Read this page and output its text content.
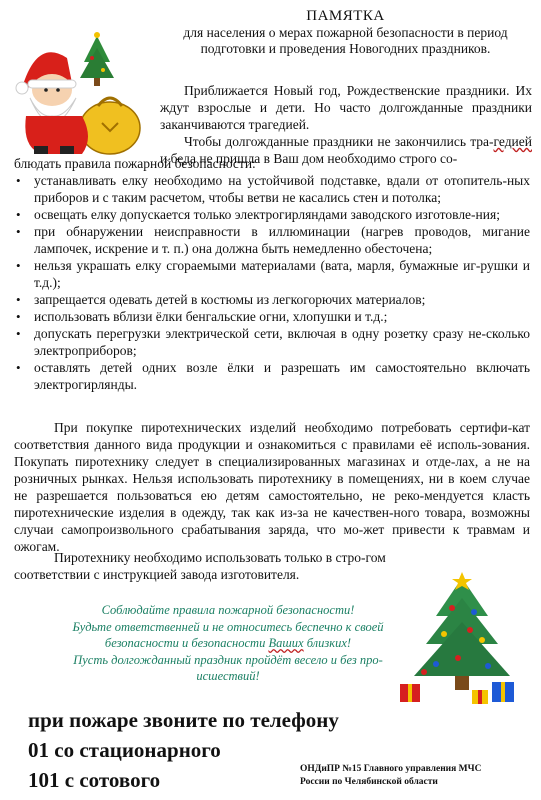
ПАМЯТКА
для населения о мерах пожарной безопасности в период
подготовки и проведения Новогодних праздников.

Приближается Новый год, Рождественские праздники. Их ждут взрослые и дети. Но часто долгожданные праздники заканчиваются трагедией.

Чтобы долгожданные праздники не закончились тра-гедией и беда не пришла в Ваш дом необходимо строго со-

блюдать правила пожарной безопасности:
• устанавливать елку необходимо на устойчивой подставке, вдали от отопитель-ных приборов и с таким расчетом, чтобы ветви не касались стен и потолка;
• освещать елку допускается только электрогирляндами заводского изготовле-ния;
• при обнаружении неисправности в иллюминации (нагрев проводов, мигание лампочек, искрение и т. п.) она должна быть немедленно обесточена;
• нельзя украшать елку сгораемыми материалами (вата, марля, бумажные иг-рушки и т.д.);
• запрещается одевать детей в костюмы из легкогорючих материалов;
• использовать вблизи ёлки бенгальские огни, хлопушки и т.д.;
• допускать перегрузки электрической сети, включая в одну розетку сразу не-сколько электроприборов;
• оставлять детей одних возле ёлки и разрешать им самостоятельно включать электрогирлянды.

При покупке пиротехнических изделий необходимо потребовать сертифи-кат соответствия данного вида продукции и ознакомиться с правилами её исполь-зования. Покупать пиротехнику следует в специализированных магазинах и отде-лах, а не на розничных рынках. Нельзя использовать пиротехнику в помещениях, ни в коем случае не разрешается пользоваться ею детям самостоятельно, не реко-мендуется класть пиротехнические изделия в одежду, так как из-за не качествен-ного товара, возможны случаи самопроизвольного срабатывания заряда, что мо-жет привести к травмам и ожогам.

Пиротехнику необходимо использовать только в стро-гом соответствии с инструкцией завода изготовителя.

Соблюдайте правила пожарной безопасности!
Будьте ответственней и не относитесь беспечно к своей
безопасности и безопасности Ваших близких!
Пусть долгожданный праздник пройдёт весело и без про-
исшествий!
при пожаре звоните по телефону
01 со стационарного
101 с сотового	ОНДиПР №15 Главного управления МЧС
России по Челябинской области
